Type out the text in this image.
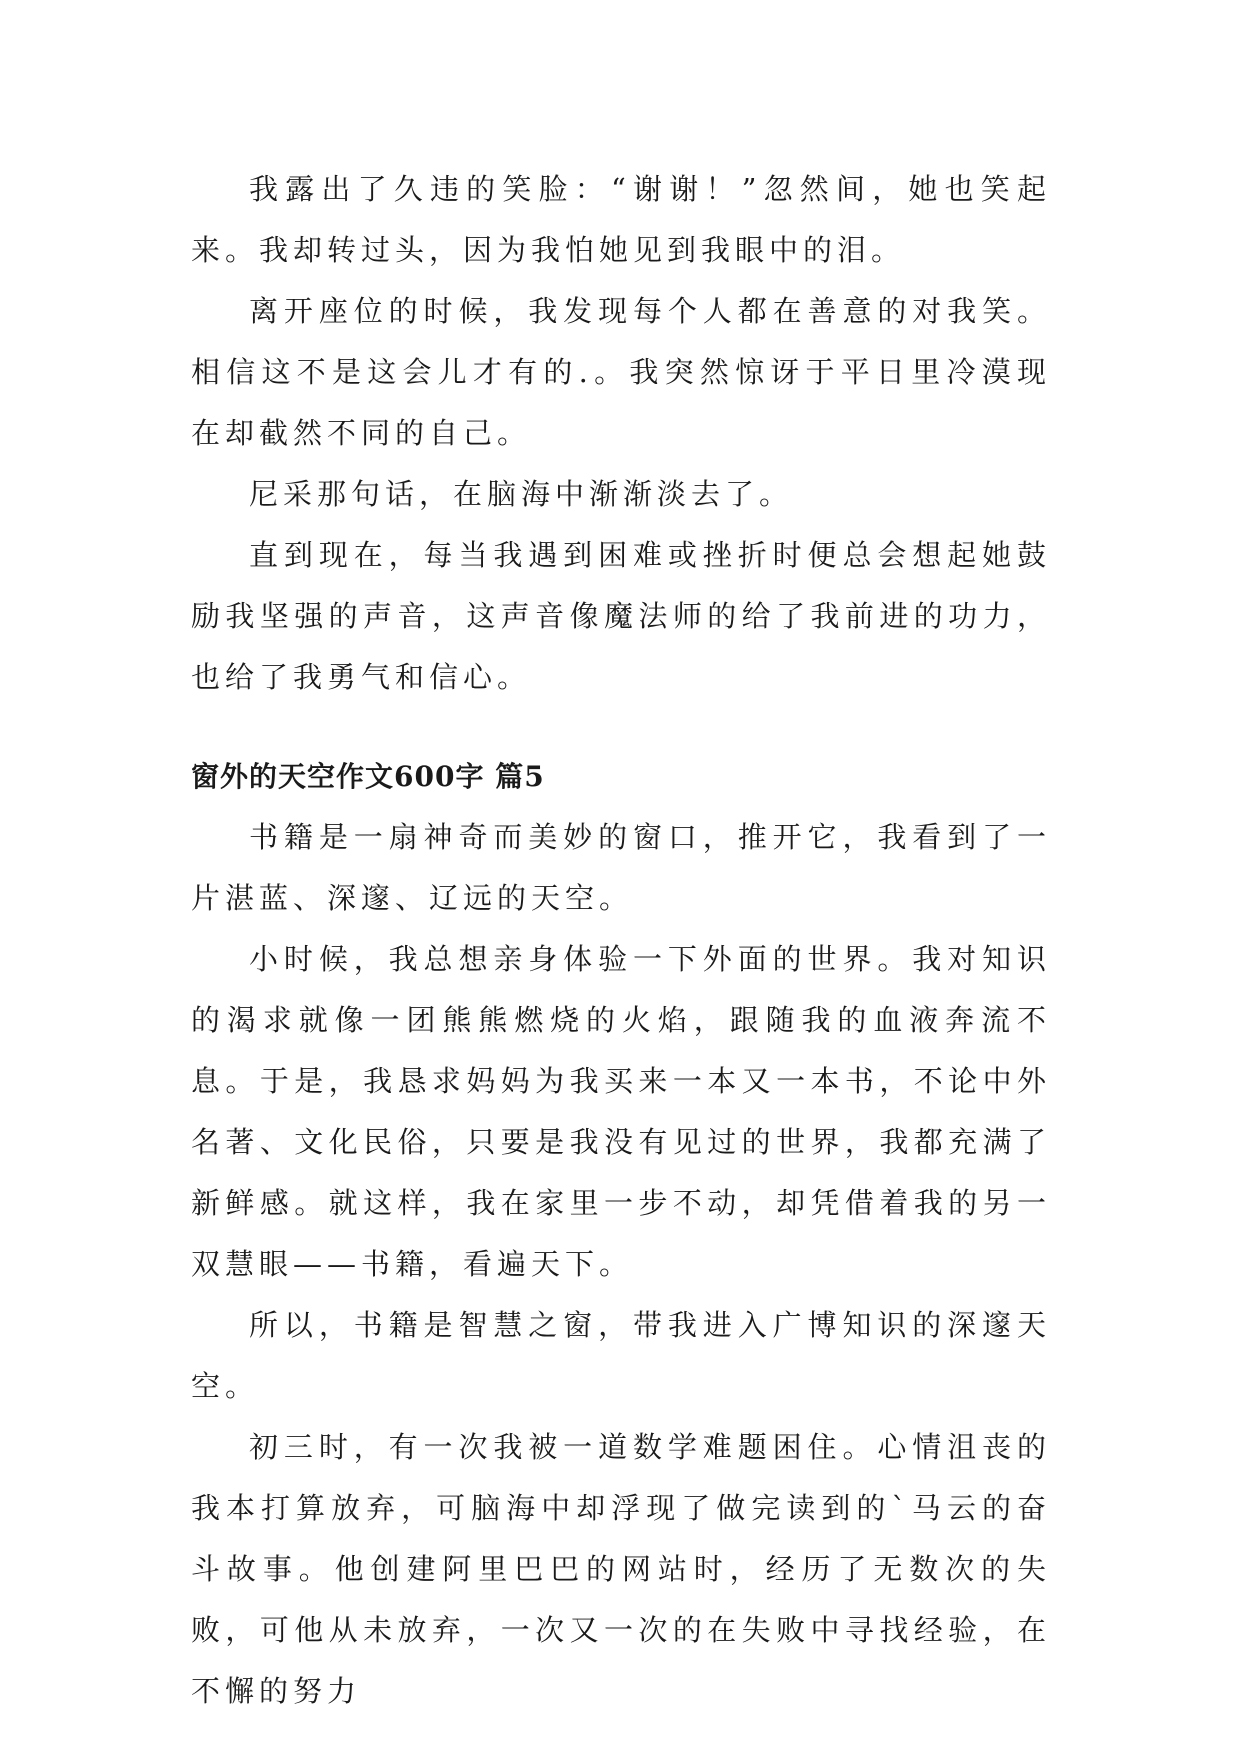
我露出了久违的笑脸：“谢谢！”忽然间，她也笑起来。我却转过头，因为我怕她见到我眼中的泪。

离开座位的时候，我发现每个人都在善意的对我笑。相信这不是这会儿才有的.。我突然惊讶于平日里冷漠现在却截然不同的自己。

尼采那句话，在脑海中渐渐淡去了。

直到现在，每当我遇到困难或挫折时便总会想起她鼓励我坚强的声音，这声音像魔法师的给了我前进的功力，也给了我勇气和信心。

窗外的天空作文600字 篇5

书籍是一扇神奇而美妙的窗口，推开它，我看到了一片湛蓝、深邃、辽远的天空。

小时候，我总想亲身体验一下外面的世界。我对知识的渴求就像一团熊熊燃烧的火焰，跟随我的血液奔流不息。于是，我恳求妈妈为我买来一本又一本书，不论中外名著、文化民俗，只要是我没有见过的世界，我都充满了新鲜感。就这样，我在家里一步不动，却凭借着我的另一双慧眼——书籍，看遍天下。

所以，书籍是智慧之窗，带我进入广博知识的深邃天空。

初三时，有一次我被一道数学难题困住。心情沮丧的我本打算放弃，可脑海中却浮现了做完读到的`马云的奋斗故事。他创建阿里巴巴的网站时，经历了无数次的失败，可他从未放弃，一次又一次的在失败中寻找经验，在不懈的努力
